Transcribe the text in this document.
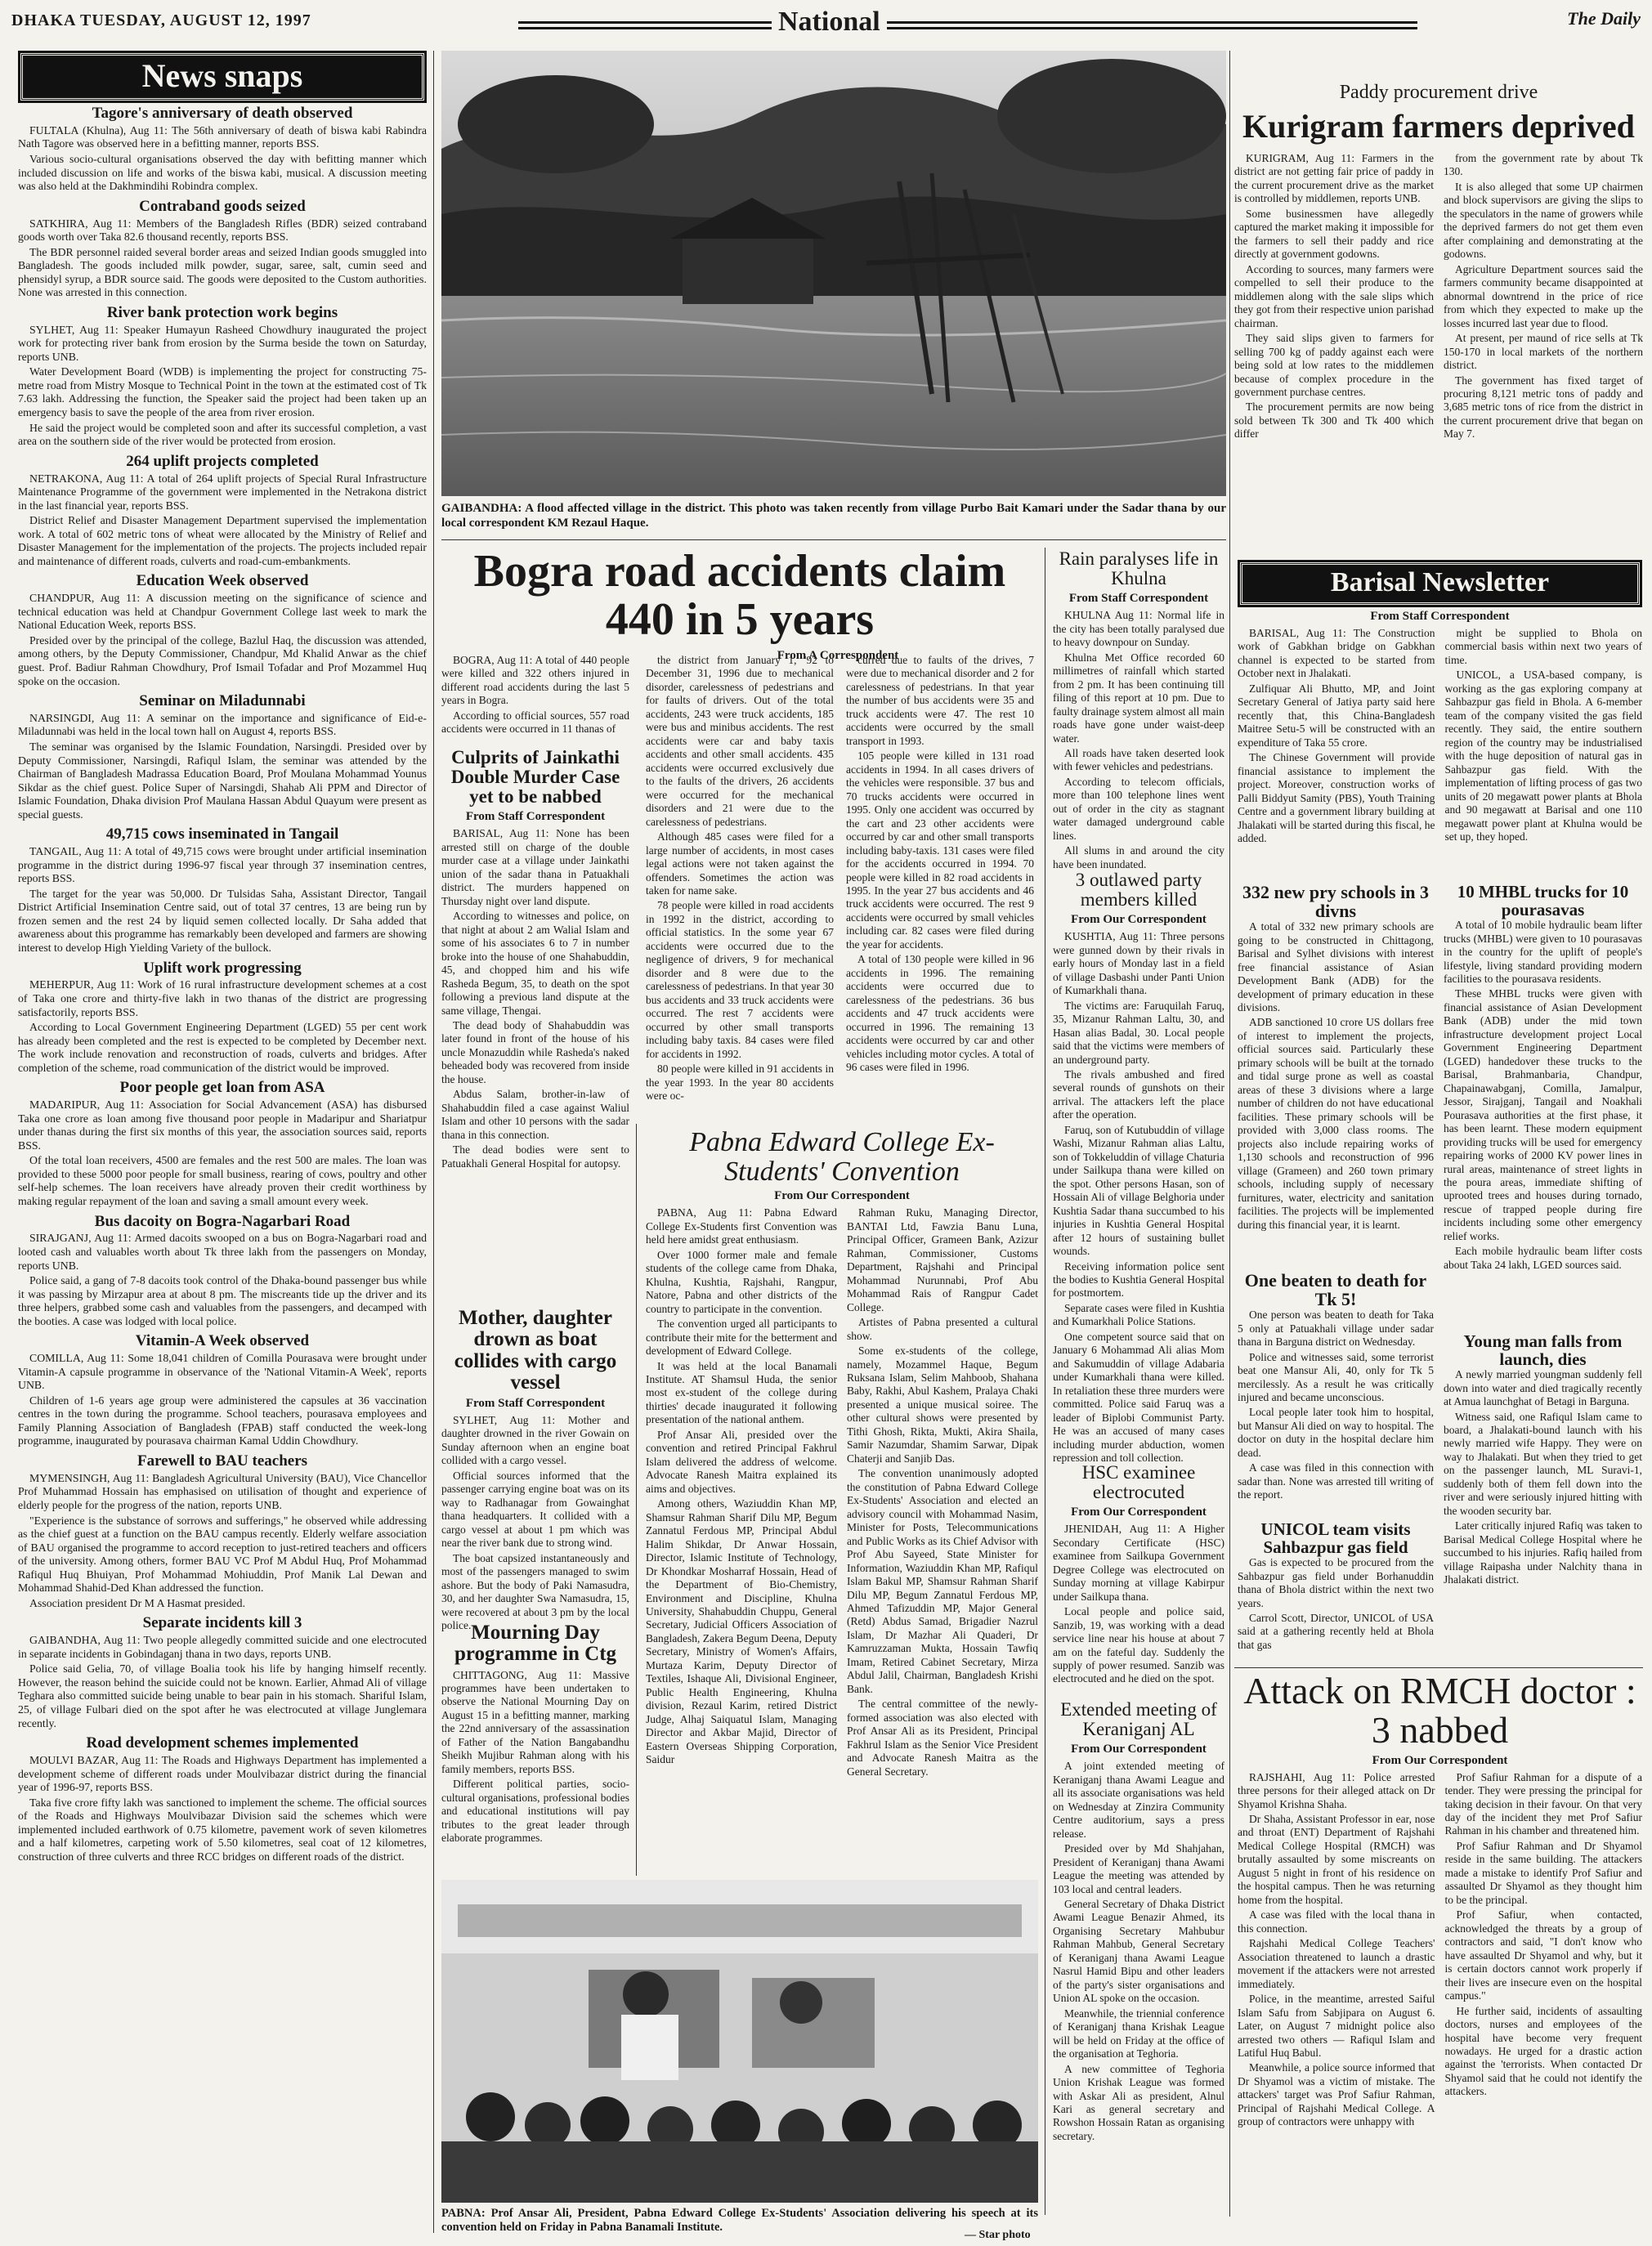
DHAKA TUESDAY, AUGUST 12, 1997	National	The Daily
News snaps
Tagore's anniversary of death observed

FULTALA (Khulna), Aug 11: The 56th anniversary of death of biswa kabi Rabindra Nath Tagore was observed here in a befitting manner, reports BSS.

Various socio-cultural organisations observed the day with befitting manner which included discussion on life and works of the biswa kabi, musical. A discussion meeting was also held at the Dakhmindihi Robindra complex.

Contraband goods seized

SATKHIRA, Aug 11: Members of the Bangladesh Rifles (BDR) seized contraband goods worth over Taka 82.6 thousand recently, reports BSS.

The BDR personnel raided several border areas and seized Indian goods smuggled into Bangladesh. The goods included milk powder, sugar, saree, salt, cumin seed and phensidyl syrup, a BDR source said. The goods were deposited to the Custom authorities. None was arrested in this connection.

River bank protection work begins

SYLHET, Aug 11: Speaker Humayun Rasheed Chowdhury inaugurated the project work for protecting river bank from erosion by the Surma beside the town on Saturday, reports UNB.

Water Development Board (WDB) is implementing the project for constructing 75-metre road from Mistry Mosque to Technical Point in the town at the estimated cost of Tk 7.63 lakh. Addressing the function, the Speaker said the project had been taken up an emergency basis to save the people of the area from river erosion.

He said the project would be completed soon and after its successful completion, a vast area on the southern side of the river would be protected from erosion.

264 uplift projects completed

NETRAKONA, Aug 11: A total of 264 uplift projects of Special Rural Infrastructure Maintenance Programme of the government were implemented in the Netrakona district in the last financial year, reports BSS.

District Relief and Disaster Management Department supervised the implementation work. A total of 602 metric tons of wheat were allocated by the Ministry of Relief and Disaster Management for the implementation of the projects. The projects included repair and maintenance of different roads, culverts and road-cum-embankments.

Education Week observed

CHANDPUR, Aug 11: A discussion meeting on the significance of science and technical education was held at Chandpur Government College last week to mark the National Education Week, reports BSS.

Presided over by the principal of the college, Bazlul Haq, the discussion was attended, among others, by the Deputy Commissioner, Chandpur, Md Khalid Anwar as the chief guest. Prof. Badiur Rahman Chowdhury, Prof Ismail Tofadar and Prof Mozammel Huq spoke on the occasion.

Seminar on Miladunnabi

NARSINGDI, Aug 11: A seminar on the importance and significance of Eid-e-Miladunnabi was held in the local town hall on August 4, reports BSS.

The seminar was organised by the Islamic Foundation, Narsingdi. Presided over by Deputy Commissioner, Narsingdi, Rafiqul Islam, the seminar was attended by the Chairman of Bangladesh Madrassa Education Board, Prof Moulana Mohammad Younus Sikdar as the chief guest. Police Super of Narsingdi, Shahab Ali PPM and Director of Islamic Foundation, Dhaka division Prof Maulana Hassan Abdul Quayum were present as special guests.

49,715 cows inseminated in Tangail

TANGAIL, Aug 11: A total of 49,715 cows were brought under artificial insemination programme in the district during 1996-97 fiscal year through 37 insemination centres, reports BSS.

The target for the year was 50,000. Dr Tulsidas Saha, Assistant Director, Tangail District Artificial Insemination Centre said, out of total 37 centres, 13 are being run by frozen semen and the rest 24 by liquid semen collected locally. Dr Saha added that awareness about this programme has remarkably been developed and farmers are showing interest to develop High Yielding Variety of the bullock.

Uplift work progressing

MEHERPUR, Aug 11: Work of 16 rural infrastructure development schemes at a cost of Taka one crore and thirty-five lakh in two thanas of the district are progressing satisfactorily, reports BSS.

According to Local Government Engineering Department (LGED) 55 per cent work has already been completed and the rest is expected to be completed by December next. The work include renovation and reconstruction of roads, culverts and bridges. After completion of the scheme, road communication of the district would be improved.

Poor people get loan from ASA

MADARIPUR, Aug 11: Association for Social Advancement (ASA) has disbursed Taka one crore as loan among five thousand poor people in Madaripur and Shariatpur under thanas during the first six months of this year, the association sources said, reports BSS.

Of the total loan receivers, 4500 are females and the rest 500 are males. The loan was provided to these 5000 poor people for small business, rearing of cows, poultry and other self-help schemes. The loan receivers have already proven their credit worthiness by making regular repayment of the loan and saving a small amount every week.

Bus dacoity on Bogra-Nagarbari Road

SIRAJGANJ, Aug 11: Armed dacoits swooped on a bus on Bogra-Nagarbari road and looted cash and valuables worth about Tk three lakh from the passengers on Monday, reports UNB.

Police said, a gang of 7-8 dacoits took control of the Dhaka-bound passenger bus while it was passing by Mirzapur area at about 8 pm. The miscreants tide up the driver and its three helpers, grabbed some cash and valuables from the passengers, and decamped with the booties. A case was lodged with local police.

Vitamin-A Week observed

COMILLA, Aug 11: Some 18,041 children of Comilla Pourasava were brought under Vitamin-A capsule programme in observance of the 'National Vitamin-A Week', reports UNB.

Children of 1-6 years age group were administered the capsules at 36 vaccination centres in the town during the programme. School teachers, pourasava employees and Family Planning Association of Bangladesh (FPAB) staff conducted the week-long programme, inaugurated by pourasava chairman Kamal Uddin Chowdhury.

Farewell to BAU teachers

MYMENSINGH, Aug 11: Bangladesh Agricultural University (BAU), Vice Chancellor Prof Muhammad Hossain has emphasised on utilisation of thought and experience of elderly people for the progress of the nation, reports UNB.

"Experience is the substance of sorrows and sufferings," he observed while addressing as the chief guest at a function on the BAU campus recently. Elderly welfare association of BAU organised the programme to accord reception to just-retired teachers and officers of the university. Among others, former BAU VC Prof M Abdul Huq, Prof Mohammad Rafiqul Huq Bhuiyan, Prof Mohammad Mohiuddin, Prof Manik Lal Dewan and Mohammad Shahid-Ded Khan addressed the function.

Association president Dr M A Hasmat presided.

Separate incidents kill 3

GAIBANDHA, Aug 11: Two people allegedly committed suicide and one electrocuted in separate incidents in Gobindaganj thana in two days, reports UNB.

Police said Gelia, 70, of village Boalia took his life by hanging himself recently. However, the reason behind the suicide could not be known. Earlier, Ahmad Ali of village Teghara also committed suicide being unable to bear pain in his stomach. Shariful Islam, 25, of village Fulbari died on the spot after he was electrocuted at village Junglemara recently.

Road development schemes implemented

MOULVI BAZAR, Aug 11: The Roads and Highways Department has implemented a development scheme of different roads under Moulvibazar district during the financial year of 1996-97, reports BSS.

Taka five crore fifty lakh was sanctioned to implement the scheme. The official sources of the Roads and Highways Moulvibazar Division said the schemes which were implemented included earthwork of 0.75 kilometre, pavement work of seven kilometres and a half kilometres, carpeting work of 5.50 kilometres, seal coat of 12 kilometres, construction of three culverts and three RCC bridges on different roads of the district.

GAIBANDHA: A flood affected village in the district. This photo was taken recently from village Purbo Bait Kamari under the Sadar thana by our local correspondent KM Rezaul Haque.
Paddy procurement drive
Kurigram farmers deprived

KURIGRAM, Aug 11: Farmers in the district are not getting fair price of paddy in the current procurement drive as the market is controlled by middlemen, reports UNB.

Some businessmen have allegedly captured the market making it impossible for the farmers to sell their paddy and rice directly at government godowns.

According to sources, many farmers were compelled to sell their produce to the middlemen along with the sale slips which they got from their respective union parishad chairman.

They said slips given to farmers for selling 700 kg of paddy against each were being sold at low rates to the middlemen because of complex procedure in the government purchase centres.

The procurement permits are now being sold between Tk 300 and Tk 400 which differ

from the government rate by about Tk 130.

It is also alleged that some UP chairmen and block supervisors are giving the slips to the speculators in the name of growers while the deprived farmers do not get them even after complaining and demonstrating at the godowns.

Agriculture Department sources said the farmers community became disappointed at abnormal downtrend in the price of rice from which they expected to make up the losses incurred last year due to flood.

At present, per maund of rice sells at Tk 150-170 in local markets of the northern district.

The government has fixed target of procuring 8,121 metric tons of paddy and 3,685 metric tons of rice from the district in the current procurement drive that began on May 7.

Bogra road accidents claim 440 in 5 years
From A Correspondent

BOGRA, Aug 11: A total of 440 people were killed and 322 others injured in different road accidents during the last 5 years in Bogra.

According to official sources, 557 road accidents were occurred in 11 thanas of

the district from January 1, '92 to December 31, 1996 due to mechanical disorder, carelessness of pedestrians and for faults of drivers. Out of the total accidents, 243 were truck accidents, 185 were bus and minibus accidents. The rest accidents were car and baby taxis accidents and other small accidents. 435 accidents were occurred exclusively due to the faults of the drivers, 26 accidents were occurred for the mechanical disorders and 21 were due to the carelessness of pedestrians.

Although 485 cases were filed for a large number of accidents, in most cases legal actions were not taken against the offenders. Sometimes the action was taken for name sake.

78 people were killed in road accidents in 1992 in the district, according to official statistics. In the some year 67 accidents were occurred due to the negligence of drivers, 9 for mechanical disorder and 8 were due to the carelessness of pedestrians. In that year 30 bus accidents and 33 truck accidents were occurred. The rest 7 accidents were occurred by other small transports including baby taxis. 84 cases were filed for accidents in 1992.

80 people were killed in 91 accidents in the year 1993. In the year 80 accidents were oc-

curred due to faults of the drives, 7 were due to mechanical disorder and 2 for carelessness of pedestrians. In that year the number of bus accidents were 35 and truck accidents were 47. The rest 10 accidents were occurred by the small transport in 1993.

105 people were killed in 131 road accidents in 1994. In all cases drivers of the vehicles were responsible. 37 bus and 70 trucks accidents were occurred in 1995. Only one accident was occurred by the cart and 23 other accidents were occurred by car and other small transports including baby-taxis. 131 cases were filed for the accidents occurred in 1994. 70 people were killed in 82 road accidents in 1995. In the year 27 bus accidents and 46 truck accidents were occurred. The rest 9 accidents were occurred by small vehicles including car. 82 cases were filed during the year for accidents.

A total of 130 people were killed in 96 accidents in 1996. The remaining accidents were occurred due to carelessness of the pedestrians. 36 bus accidents and 47 truck accidents were occurred in 1996. The remaining 13 accidents were occurred by car and other vehicles including motor cycles. A total of 96 cases were filed in 1996.

Culprits of Jainkathi Double Murder Case yet to be nabbed
From Staff Correspondent

BARISAL, Aug 11: None has been arrested still on charge of the double murder case at a village under Jainkathi union of the sadar thana in Patuakhali district. The murders happened on Thursday night over land dispute.

According to witnesses and police, on that night at about 2 am Walial Islam and some of his associates 6 to 7 in number broke into the house of one Shahabuddin, 45, and chopped him and his wife Rasheda Begum, 35, to death on the spot following a previous land dispute at the same village, Thengai.

The dead body of Shahabuddin was later found in front of the house of his uncle Monazuddin while Rasheda's naked beheaded body was recovered from inside the house.

Abdus Salam, brother-in-law of Shahabuddin filed a case against Waliul Islam and other 10 persons with the sadar thana in this connection.

The dead bodies were sent to Patuakhali General Hospital for autopsy.

Mother, daughter drown as boat collides with cargo vessel
From Staff Correspondent

SYLHET, Aug 11: Mother and daughter drowned in the river Gowain on Sunday afternoon when an engine boat collided with a cargo vessel.

Official sources informed that the passenger carrying engine boat was on its way to Radhanagar from Gowainghat thana headquarters. It collided with a cargo vessel at about 1 pm which was near the river bank due to strong wind.

The boat capsized instantaneously and most of the passengers managed to swim ashore. But the body of Paki Namasudra, 30, and her daughter Swa Namasudra, 15, were recovered at about 3 pm by the local police. Mourning Day programme in Ctg

CHITTAGONG, Aug 11: Massive programmes have been undertaken to observe the National Mourning Day on August 15 in a befitting manner, marking the 22nd anniversary of the assassination of Father of the Nation Bangabandhu Sheikh Mujibur Rahman along with his family members, reports BSS.

Different political parties, socio-cultural organisations, professional bodies and educational institutions will pay tributes to the great leader through elaborate programmes.

Pabna Edward College Ex-Students' Convention
From Our Correspondent

PABNA, Aug 11: Pabna Edward College Ex-Students first Convention was held here amidst great enthusiasm.

Over 1000 former male and female students of the college came from Dhaka, Khulna, Kushtia, Rajshahi, Rangpur, Natore, Pabna and other districts of the country to participate in the convention.

The convention urged all participants to contribute their mite for the betterment and development of Edward College.

It was held at the local Banamali Institute. AT Shamsul Huda, the senior most ex-student of the college during thirties' decade inaugurated it following presentation of the national anthem.

Prof Ansar Ali, presided over the convention and retired Principal Fakhrul Islam delivered the address of welcome. Advocate Ranesh Maitra explained its aims and objectives.

Among others, Waziuddin Khan MP, Shamsur Rahman Sharif Dilu MP, Begum Zannatul Ferdous MP, Principal Abdul Halim Shikdar, Dr Anwar Hossain, Director, Islamic Institute of Technology, Dr Khondkar Mosharraf Hossain, Head of the Department of Bio-Chemistry, Environment and Discipline, Khulna University, Shahabuddin Chuppu, General Secretary, Judicial Officers Association of Bangladesh, Zakera Begum Deena, Deputy Secretary, Ministry of Women's Affairs, Murtaza Karim, Deputy Director of Textiles, Ishaque Ali, Divisional Engineer, Public Health Engineering, Khulna division, Rezaul Karim, retired District Judge, Alhaj Saiquatul Islam, Managing Director and Akbar Majid, Director of Eastern Overseas Shipping Corporation, Saidur

Rahman Ruku, Managing Director, BANTAI Ltd, Fawzia Banu Luna, Principal Officer, Grameen Bank, Azizur Rahman, Commissioner, Customs Department, Rajshahi and Principal Mohammad Nurunnabi, Prof Abu Mohammad Rais of Rangpur Cadet College.

Artistes of Pabna presented a cultural show.

Some ex-students of the college, namely, Mozammel Haque, Begum Ruksana Islam, Selim Mahboob, Shahana Baby, Rakhi, Abul Kashem, Pralaya Chaki presented a unique musical soiree. The other cultural shows were presented by Tithi Ghosh, Rikta, Mukti, Akira Shaila, Samir Nazumdar, Shamim Sarwar, Dipak Chaterji and Sanjib Das.

The convention unanimously adopted the constitution of Pabna Edward College Ex-Students' Association and elected an advisory council with Mohammad Nasim, Minister for Posts, Telecommunications and Public Works as its Chief Advisor with Prof Abu Sayeed, State Minister for Information, Waziuddin Khan MP, Rafiqul Islam Bakul MP, Shamsur Rahman Sharif Dilu MP, Begum Zannatul Ferdous MP, Ahmed Tafizuddin MP, Major General (Retd) Abdus Samad, Brigadier Nazrul Islam, Dr Mazhar Ali Quaderi, Dr Kamruzzaman Mukta, Hossain Tawfiq Imam, Retired Cabinet Secretary, Mirza Abdul Jalil, Chairman, Bangladesh Krishi Bank.

The central committee of the newly-formed association was also elected with Prof Ansar Ali as its President, Principal Fakhrul Islam as the Senior Vice President and Advocate Ranesh Maitra as the General Secretary.

PABNA: Prof Ansar Ali, President, Pabna Edward College Ex-Students' Association delivering his speech at its convention held on Friday in Pabna Banamali Institute.
— Star photo
Rain paralyses life in Khulna
From Staff Correspondent

KHULNA Aug 11: Normal life in the city has been totally paralysed due to heavy downpour on Sunday.

Khulna Met Office recorded 60 millimetres of rainfall which started from 2 pm. It has been continuing till filing of this report at 10 pm. Due to faulty drainage system almost all main roads have gone under waist-deep water.

All roads have taken deserted look with fewer vehicles and pedestrians.

According to telecom officials, more than 100 telephone lines went out of order in the city as stagnant water damaged underground cable lines.

All slums in and around the city have been inundated.

3 outlawed party members killed
From Our Correspondent

KUSHTIA, Aug 11: Three persons were gunned down by their rivals in early hours of Monday last in a field of village Dasbashi under Panti Union of Kumarkhali thana.

The victims are: Faruquilah Faruq, 35, Mizanur Rahman Laltu, 30, and Hasan alias Badal, 30. Local people said that the victims were members of an underground party.

The rivals ambushed and fired several rounds of gunshots on their arrival. The attackers left the place after the operation.

Faruq, son of Kutubuddin of village Washi, Mizanur Rahman alias Laltu, son of Tokkeluddin of village Chaturia under Sailkupa thana were killed on the spot. Other persons Hasan, son of Hossain Ali of village Belghoria under Kushtia Sadar thana succumbed to his injuries in Kushtia General Hospital after 12 hours of sustaining bullet wounds.

Receiving information police sent the bodies to Kushtia General Hospital for postmortem.

Separate cases were filed in Kushtia and Kumarkhali Police Stations.

One competent source said that on January 6 Mohammad Ali alias Mom and Sakumuddin of village Adabaria under Kumarkhali thana were killed. In retaliation these three murders were committed. Police said Faruq was a leader of Biplobi Communist Party. He was an accused of many cases including murder abduction, women repression and toll collection.

HSC examinee electrocuted
From Our Correspondent

JHENIDAH, Aug 11: A Higher Secondary Certificate (HSC) examinee from Sailkupa Government Degree College was electrocuted on Sunday morning at village Kabirpur under Sailkupa thana.

Local people and police said, Sanzib, 19, was working with a dead service line near his house at about 7 am on the fateful day. Suddenly the supply of power resumed. Sanzib was electrocuted and he died on the spot.

Extended meeting of Keraniganj AL
From Our Correspondent

A joint extended meeting of Keraniganj thana Awami League and all its associate organisations was held on Wednesday at Zinzira Community Centre auditorium, says a press release.

Presided over by Md Shahjahan, President of Keraniganj thana Awami League the meeting was attended by 103 local and central leaders.

General Secretary of Dhaka District Awami League Benazir Ahmed, its Organising Secretary Mahbubur Rahman Mahbub, General Secretary of Keraniganj thana Awami League Nasrul Hamid Bipu and other leaders of the party's sister organisations and Union AL spoke on the occasion.

Meanwhile, the triennial conference of Keraniganj thana Krishak League will be held on Friday at the office of the organisation at Teghoria.

A new committee of Teghoria Union Krishak League was formed with Askar Ali as president, Alnul Kari as general secretary and Rowshon Hossain Ratan as organising secretary.

Barisal Newsletter
From Staff Correspondent

BARISAL, Aug 11: The Construction work of Gabkhan bridge on Gabkhan channel is expected to be started from October next in Jhalakati.

Zulfiquar Ali Bhutto, MP, and Joint Secretary General of Jatiya party said here recently that, this China-Bangladesh Maitree Setu-5 will be constructed with an expenditure of Taka 55 crore.

The Chinese Government will provide financial assistance to implement the project. Moreover, construction works of Palli Biddyut Samity (PBS), Youth Training Centre and a government library building at Jhalakati will be started during this fiscal, he added.

might be supplied to Bhola on commercial basis within next two years of time.

UNICOL, a USA-based company, is working as the gas exploring company at Sahbazpur gas field in Bhola. A 6-member team of the company visited the gas field recently. They said, the entire southern region of the country may be industrialised with the huge deposition of natural gas in Sahbazpur gas field. With the implementation of lifting process of gas two units of 20 megawatt power plants at Bhola and 90 megawatt at Barisal and one 110 megawatt power plant at Khulna would be set up, they hoped.

332 new pry schools in 3 divns

A total of 332 new primary schools are going to be constructed in Chittagong, Barisal and Sylhet divisions with interest free financial assistance of Asian Development Bank (ADB) for the development of primary education in these divisions.

ADB sanctioned 10 crore US dollars free of interest to implement the projects, official sources said. Particularly these primary schools will be built at the tornado and tidal surge prone as well as coastal areas of these 3 divisions where a large number of children do not have educational facilities. These primary schools will be provided with 3,000 class rooms. The projects also include repairing works of 1,130 schools and reconstruction of 996 village (Grameen) and 260 town primary schools, including supply of necessary furnitures, water, electricity and sanitation facilities. The projects will be implemented during this financial year, it is learnt.

One beaten to death for Tk 5!

One person was beaten to death for Taka 5 only at Patuakhali village under sadar thana in Barguna district on Wednesday.

Police and witnesses said, some terrorist beat one Mansur Ali, 40, only for Tk 5 mercilessly. As a result he was critically injured and became unconscious.

Local people later took him to hospital, but Mansur Ali died on way to hospital. The doctor on duty in the hospital declare him dead.

A case was filed in this connection with sadar than. None was arrested till writing of the report.

UNICOL team visits Sahbazpur gas field

Gas is expected to be procured from the Sahbazpur gas field under Borhanuddin thana of Bhola district within the next two years.

Carrol Scott, Director, UNICOL of USA said at a gathering recently held at Bhola that gas

10 MHBL trucks for 10 pourasavas

A total of 10 mobile hydraulic beam lifter trucks (MHBL) were given to 10 pourasavas in the country for the uplift of people's lifestyle, living standard providing modern facilities to the pourasava residents.

These MHBL trucks were given with financial assistance of Asian Development Bank (ADB) under the mid town infrastructure development project Local Government Engineering Department (LGED) handedover these trucks to the Barisal, Brahmanbaria, Chandpur, Chapainawabganj, Comilla, Jamalpur, Jessor, Sirajganj, Tangail and Noakhali Pourasava authorities at the first phase, it has been learnt. These modern equipment providing trucks will be used for emergency repairing works of 2000 KV power lines in rural areas, maintenance of street lights in the poura areas, immediate shifting of uprooted trees and houses during tornado, rescue of trapped people during fire incidents including some other emergency relief works.

Each mobile hydraulic beam lifter costs about Taka 24 lakh, LGED sources said.

Young man falls from launch, dies

A newly married youngman suddenly fell down into water and died tragically recently at Amua launchghat of Betagi in Barguna.

Witness said, one Rafiqul Islam came to board, a Jhalakati-bound launch with his newly married wife Happy. They were on way to Jhalakati. But when they tried to get on the passenger launch, ML Suravi-1, suddenly both of them fell down into the river and were seriously injured hitting with the wooden security bar.

Later critically injured Rafiq was taken to Barisal Medical College Hospital where he succumbed to his injuries. Rafiq hailed from village Raipasha under Nalchity thana in Jhalakati district.

Attack on RMCH doctor : 3 nabbed
From Our Correspondent

RAJSHAHI, Aug 11: Police arrested three persons for their alleged attack on Dr Shyamol Krishna Shaha.

Dr Shaha, Assistant Professor in ear, nose and throat (ENT) Department of Rajshahi Medical College Hospital (RMCH) was brutally assaulted by some miscreants on August 5 night in front of his residence on the hospital campus. Then he was returning home from the hospital.

A case was filed with the local thana in this connection.

Rajshahi Medical College Teachers' Association threatened to launch a drastic movement if the attackers were not arrested immediately.

Police, in the meantime, arrested Saiful Islam Safu from Sabjipara on August 6. Later, on August 7 midnight police also arrested two others — Rafiqul Islam and Latiful Huq Babul.

Meanwhile, a police source informed that Dr Shyamol was a victim of mistake. The attackers' target was Prof Safiur Rahman, Principal of Rajshahi Medical College. A group of contractors were unhappy with

Prof Safiur Rahman for a dispute of a tender. They were pressing the principal for taking decision in their favour. On that very day of the incident they met Prof Safiur Rahman in his chamber and threatened him.

Prof Safiur Rahman and Dr Shyamol reside in the same building. The attackers made a mistake to identify Prof Safiur and assaulted Dr Shyamol as they thought him to be the principal.

Prof Safiur, when contacted, acknowledged the threats by a group of contractors and said, "I don't know who have assaulted Dr Shyamol and why, but it is certain doctors cannot work properly if their lives are insecure even on the hospital campus."

He further said, incidents of assaulting doctors, nurses and employees of the hospital have become very frequent nowadays. He urged for a drastic action against the 'terrorists. When contacted Dr Shyamol said that he could not identify the attackers.
